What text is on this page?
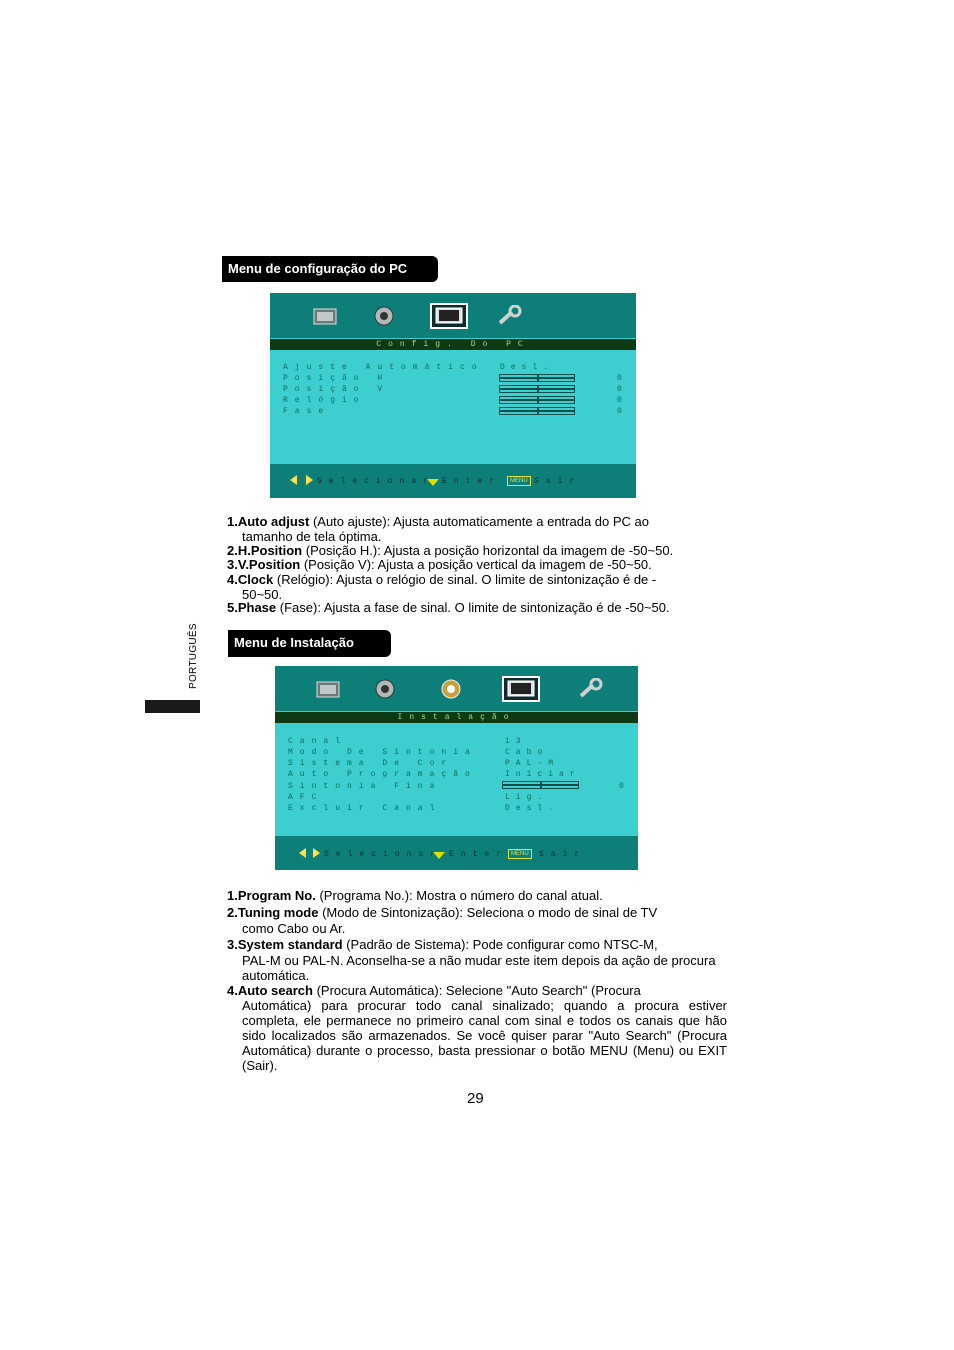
Menu de configuração do PC
Config. Do PC
Ajuste Automático
Posição H
Posição V
Relógio
Fase
Desl.
0
0
0
0
Selecionar Enter	MENU Sair
1.Auto adjust (Auto ajuste): Ajusta automaticamente a entrada do PC ao
tamanho de tela óptima.
2.H.Position (Posição H.): Ajusta a posição horizontal da imagem de -50~50.
3.V.Position (Posição V): Ajusta a posição vertical da imagem de -50~50.
4.Clock (Relógio): Ajusta o relógio de sinal. O limite de sintonização é de -
50~50.
5.Phase (Fase): Ajusta a fase de sinal. O limite de sintonização é de -50~50.
Menu de Instalação
PORTUGUÊS
Instalação
Canal
Modo De Sintonia
Sistema De Cor
Auto Programação
Sintonia Fina
AFC
Excluir Canal
13
Cabo
PAL-M
Iniciar
0
Lig.
Desl.
Selecionar Enter MENU	Sair
1.Program No. (Programa No.): Mostra o número do canal atual.
2.Tuning mode (Modo de Sintonização): Seleciona o modo de sinal de TV
como Cabo ou Ar.
3.System standard (Padrão de Sistema): Pode configurar como NTSC-M,
PAL-M ou PAL-N. Aconselha-se a não mudar este item depois da ação de procura automática.
4.Auto search (Procura Automática): Selecione "Auto Search" (Procura
Automática) para procurar todo canal sinalizado; quando a procura estiver completa, ele permanece no primeiro canal com sinal e todos os canais que hão sido localizados são armazenados. Se você quiser parar "Auto Search" (Procura Automática) durante o processo, basta pressionar o botão MENU (Menu) ou EXIT (Sair).
29
